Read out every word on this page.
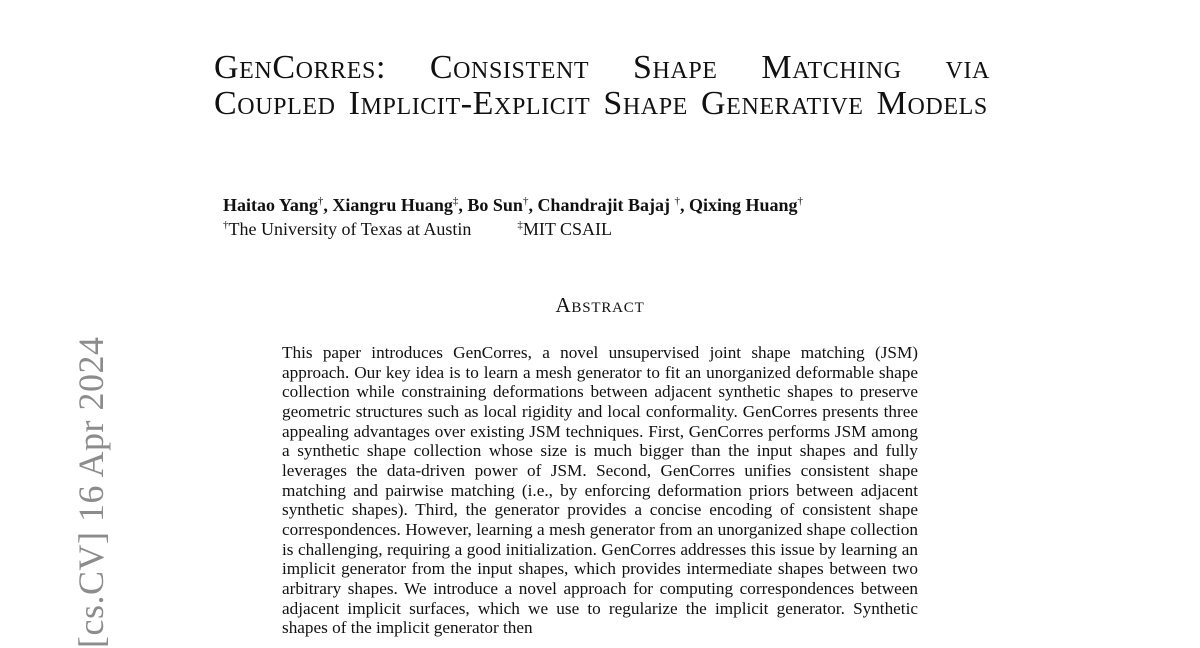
[cs.CV] 16 Apr 2024
GenCorres: Consistent Shape Matching via Coupled Implicit-Explicit Shape Generative Models
Haitao Yang†, Xiangru Huang‡, Bo Sun†, Chandrajit Bajaj †, Qixing Huang†
†The University of Texas at Austin	‡MIT CSAIL
Abstract

This paper introduces GenCorres, a novel unsupervised joint shape matching (JSM) approach. Our key idea is to learn a mesh generator to fit an unorganized deformable shape collection while constraining deformations between adjacent synthetic shapes to preserve geometric structures such as local rigidity and local conformality. GenCorres presents three appealing advantages over existing JSM techniques. First, GenCorres performs JSM among a synthetic shape collection whose size is much bigger than the input shapes and fully leverages the data-driven power of JSM. Second, GenCorres unifies consistent shape matching and pairwise matching (i.e., by enforcing deformation priors between adjacent synthetic shapes). Third, the generator provides a concise encoding of consistent shape correspondences. However, learning a mesh generator from an unorganized shape collection is challenging, requiring a good initialization. GenCorres addresses this issue by learning an implicit generator from the input shapes, which provides intermediate shapes between two arbitrary shapes. We introduce a novel approach for computing correspondences between adjacent implicit surfaces, which we use to regularize the implicit generator. Synthetic shapes of the implicit generator then
